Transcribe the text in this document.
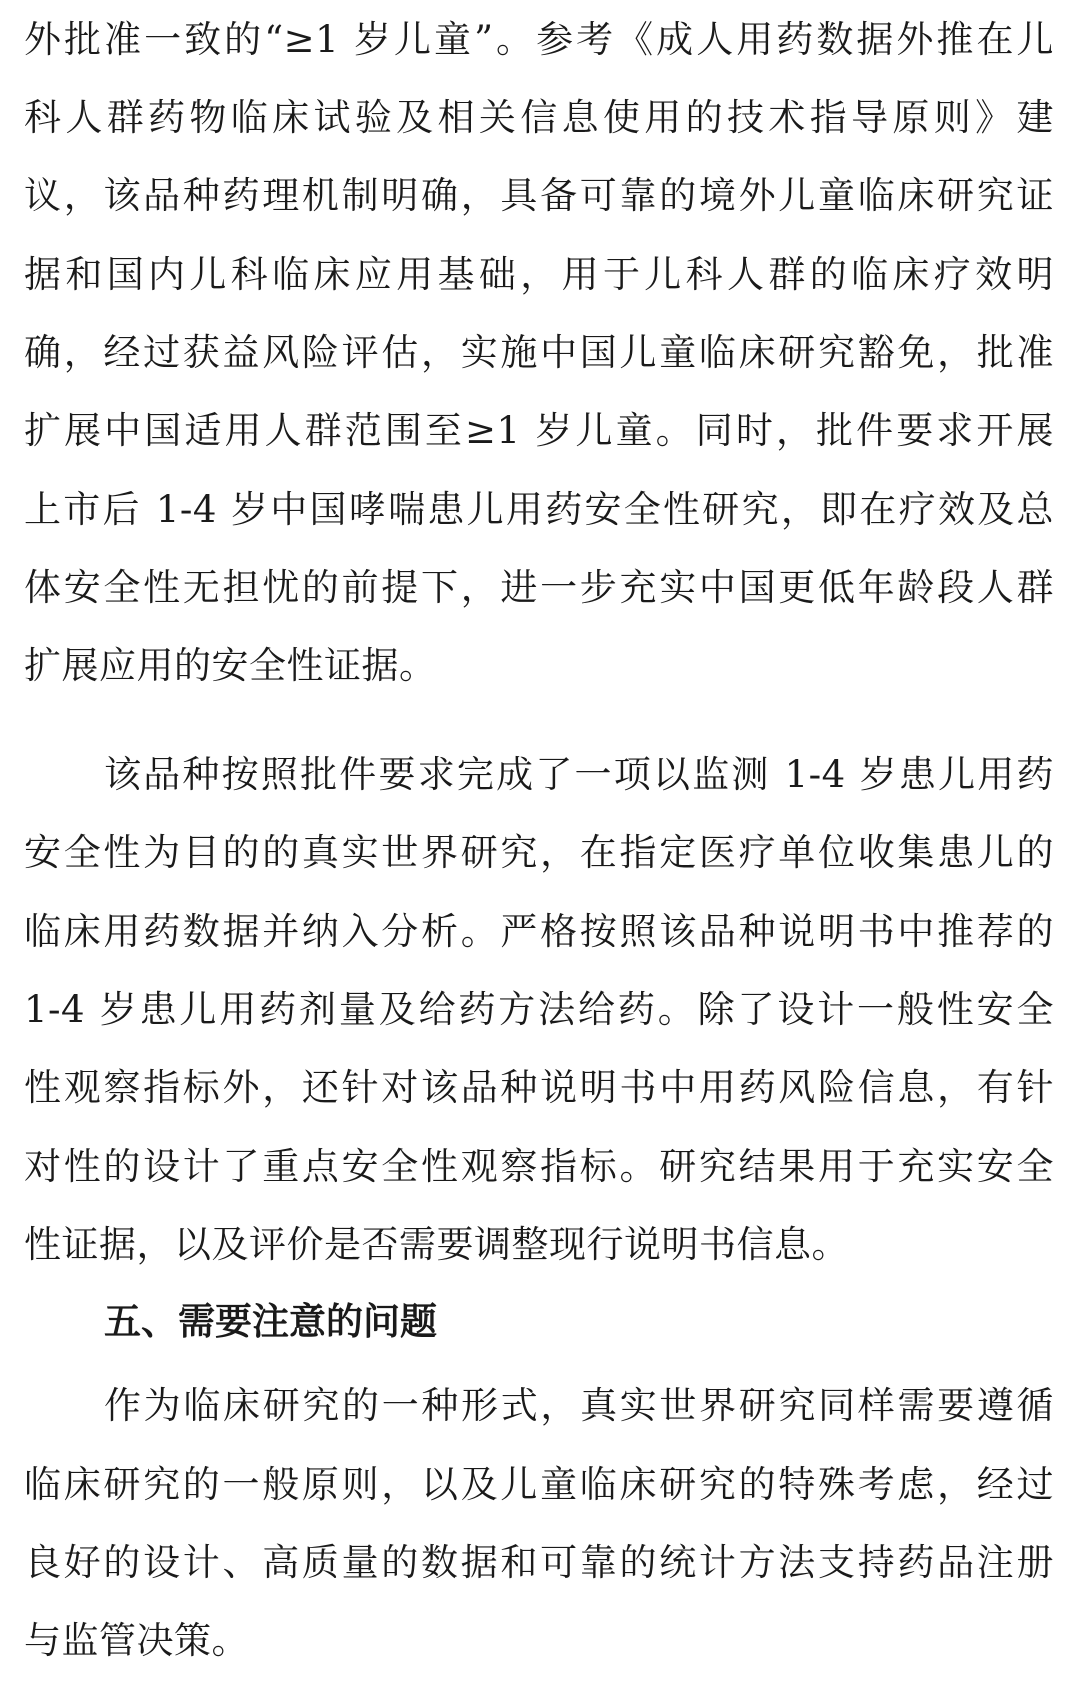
外批准一致的“≥1 岁儿童”。参考《成人用药数据外推在儿
科人群药物临床试验及相关信息使用的技术指导原则》建
议，该品种药理机制明确，具备可靠的境外儿童临床研究证
据和国内儿科临床应用基础，用于儿科人群的临床疗效明
确，经过获益风险评估，实施中国儿童临床研究豁免，批准
扩展中国适用人群范围至≥1 岁儿童。同时，批件要求开展
上市后 1-4 岁中国哮喘患儿用药安全性研究，即在疗效及总
体安全性无担忧的前提下，进一步充实中国更低年龄段人群
扩展应用的安全性证据。
该品种按照批件要求完成了一项以监测 1-4 岁患儿用药
安全性为目的的真实世界研究，在指定医疗单位收集患儿的
临床用药数据并纳入分析。严格按照该品种说明书中推荐的
1-4 岁患儿用药剂量及给药方法给药。除了设计一般性安全
性观察指标外，还针对该品种说明书中用药风险信息，有针
对性的设计了重点安全性观察指标。研究结果用于充实安全
性证据，以及评价是否需要调整现行说明书信息。
五、需要注意的问题
作为临床研究的一种形式，真实世界研究同样需要遵循
临床研究的一般原则，以及儿童临床研究的特殊考虑，经过
良好的设计、高质量的数据和可靠的统计方法支持药品注册
与监管决策。
